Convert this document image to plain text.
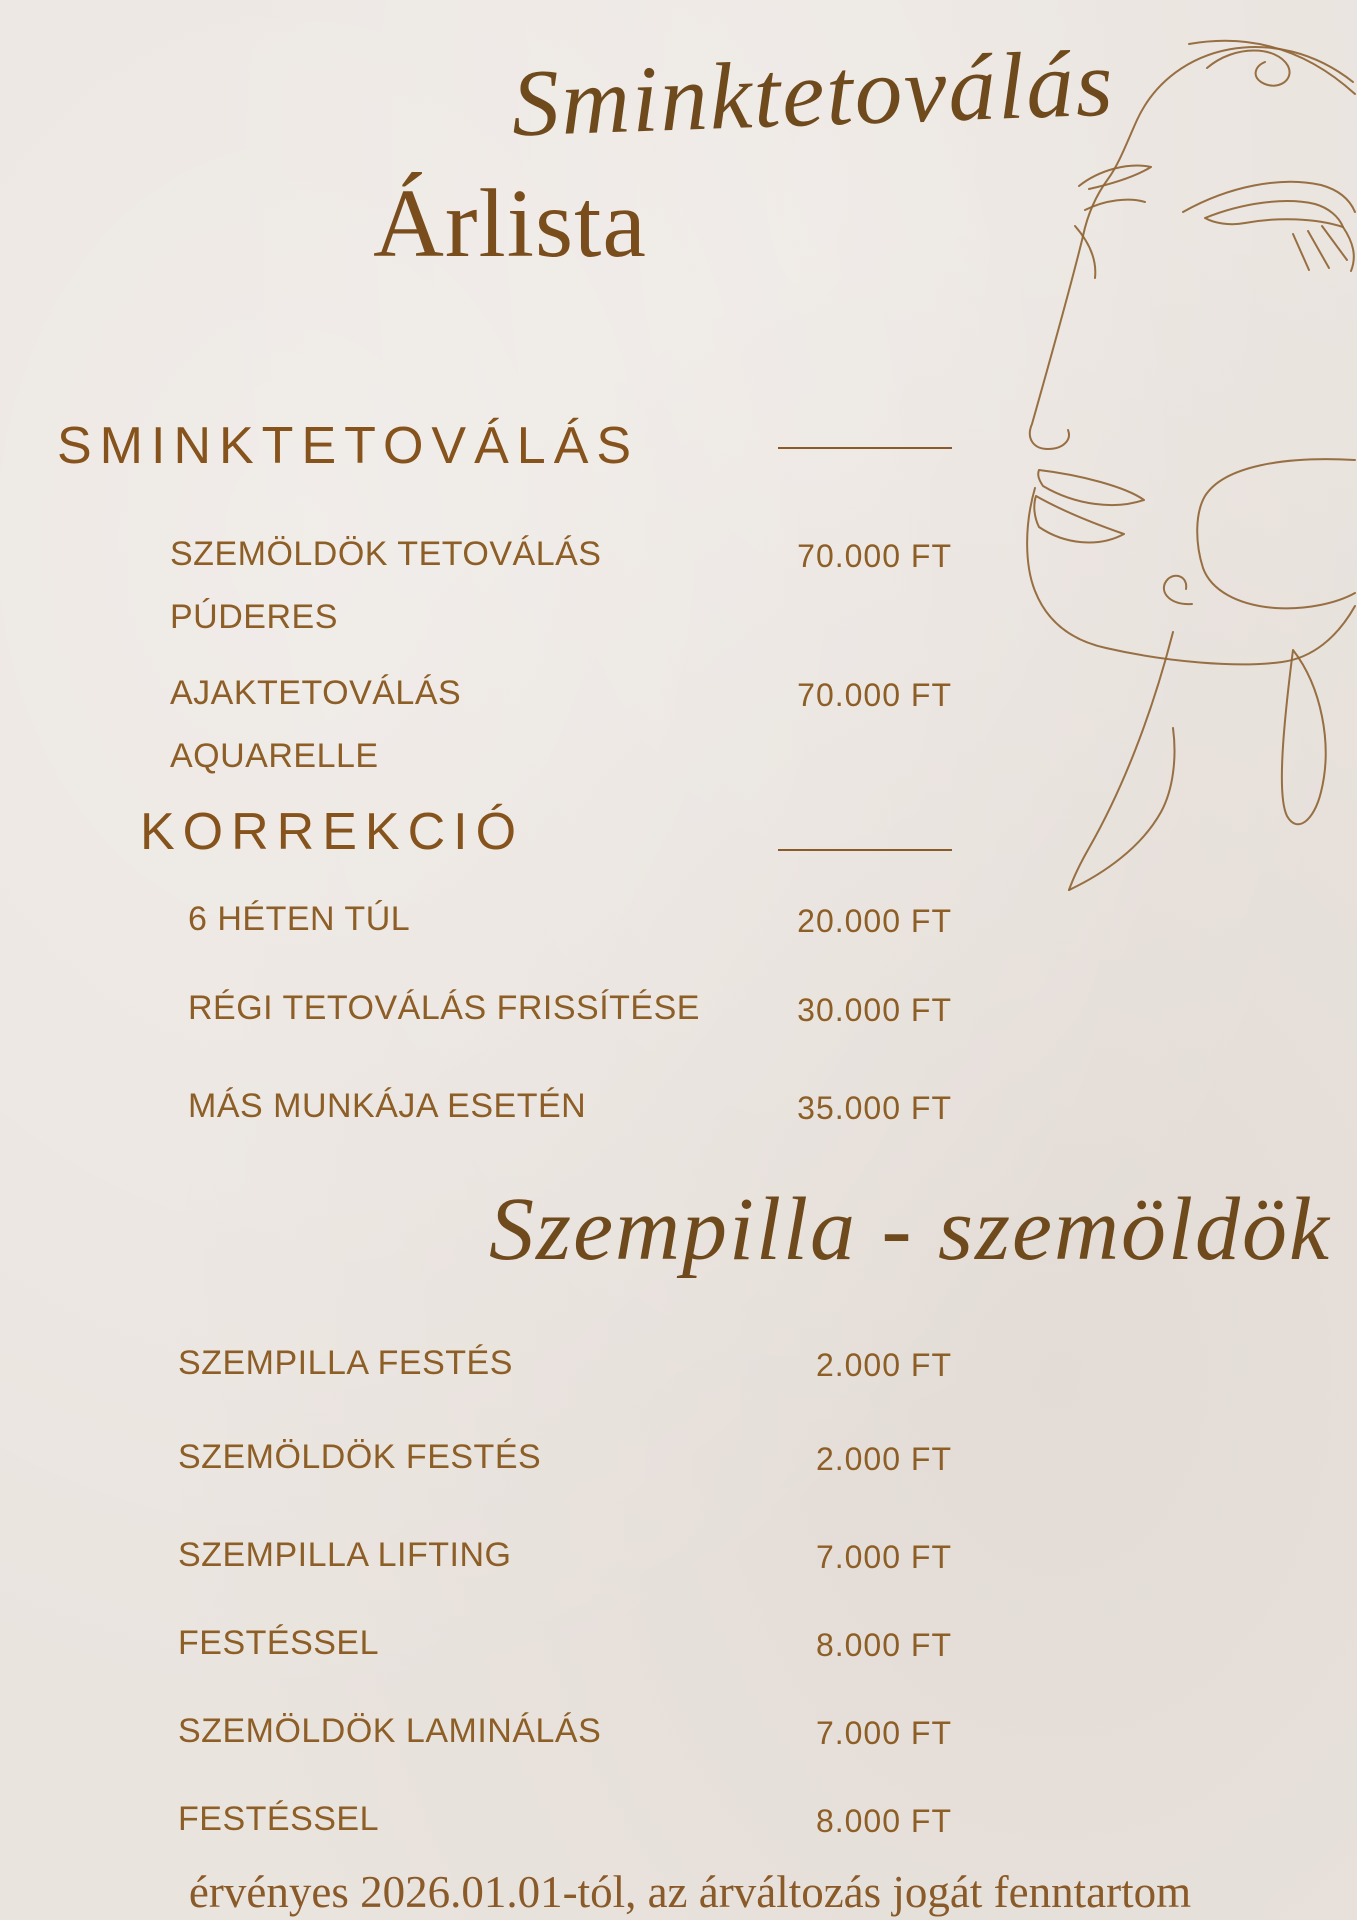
Sminktetoválás
Árlista
SMINKTETOVÁLÁS
SZEMÖLDÖK TETOVÁLÁS
PÚDERES
70.000 FT
AJAKTETOVÁLÁS
AQUARELLE
70.000 FT
KORREKCIÓ
6 HÉTEN TÚL	20.000 FT
RÉGI TETOVÁLÁS FRISSÍTÉSE	30.000 FT
MÁS MUNKÁJA ESETÉN	35.000 FT
Szempilla - szemöldök
SZEMPILLA FESTÉS	2.000 FT
SZEMÖLDÖK FESTÉS	2.000 FT
SZEMPILLA LIFTING	7.000 FT
FESTÉSSEL	8.000 FT
SZEMÖLDÖK LAMINÁLÁS	7.000 FT
FESTÉSSEL	8.000 FT
érvényes 2026.01.01-tól, az árváltozás jogát fenntartom
